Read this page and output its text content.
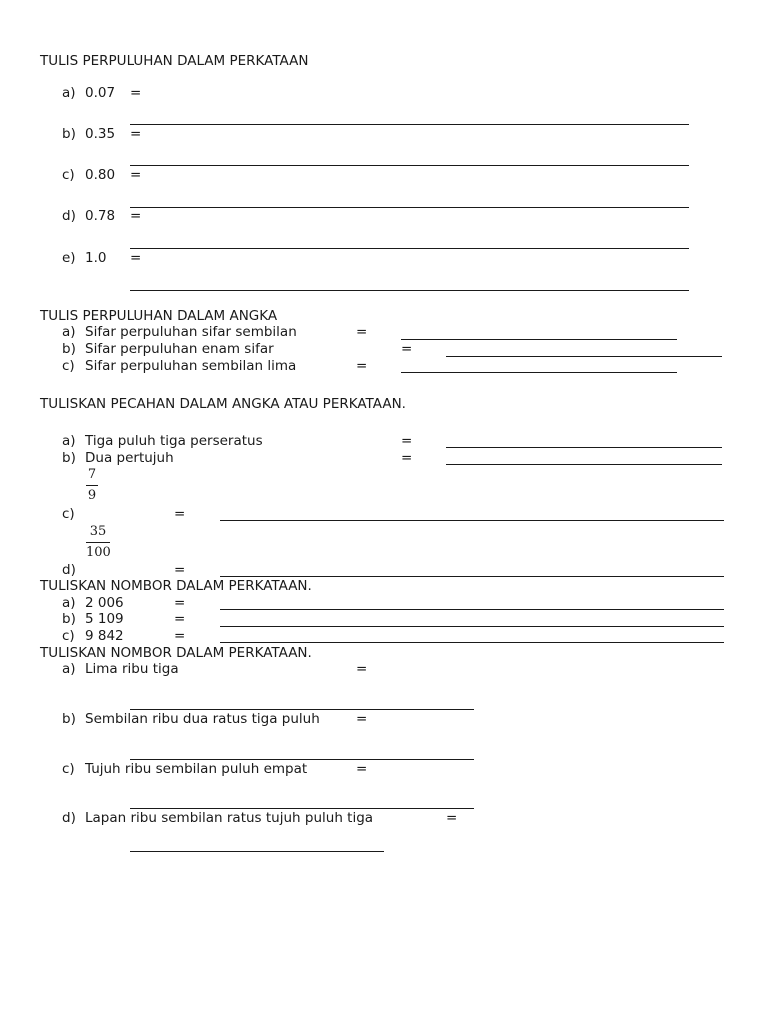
TULIS PERPULUHAN DALAM PERKATAAN
a) 0.07 =
b) 0.35 =
c) 0.80 =
d) 0.78 =
e) 1.0 =
TULIS PERPULUHAN DALAM ANGKA
a) Sifar perpuluhan sifar sembilan	=
b) Sifar perpuluhan enam sifar	=
c) Sifar perpuluhan sembilan lima	=
TULISKAN PECAHAN DALAM ANGKA ATAU PERKATAAN.
a) Tiga puluh tiga perseratus	=
b) Dua pertujuh	=
7
9
c)	=
35
100
d)	=
TULISKAN NOMBOR DALAM PERKATAAN.
a) 2 006	=
b) 5 109	=
c) 9 842	=
TULISKAN NOMBOR DALAM PERKATAAN.
a) Lima ribu tiga	=
b) Sembilan ribu dua ratus tiga puluh	=
c) Tujuh ribu sembilan puluh empat	=
d) Lapan ribu sembilan ratus tujuh puluh tiga	=
